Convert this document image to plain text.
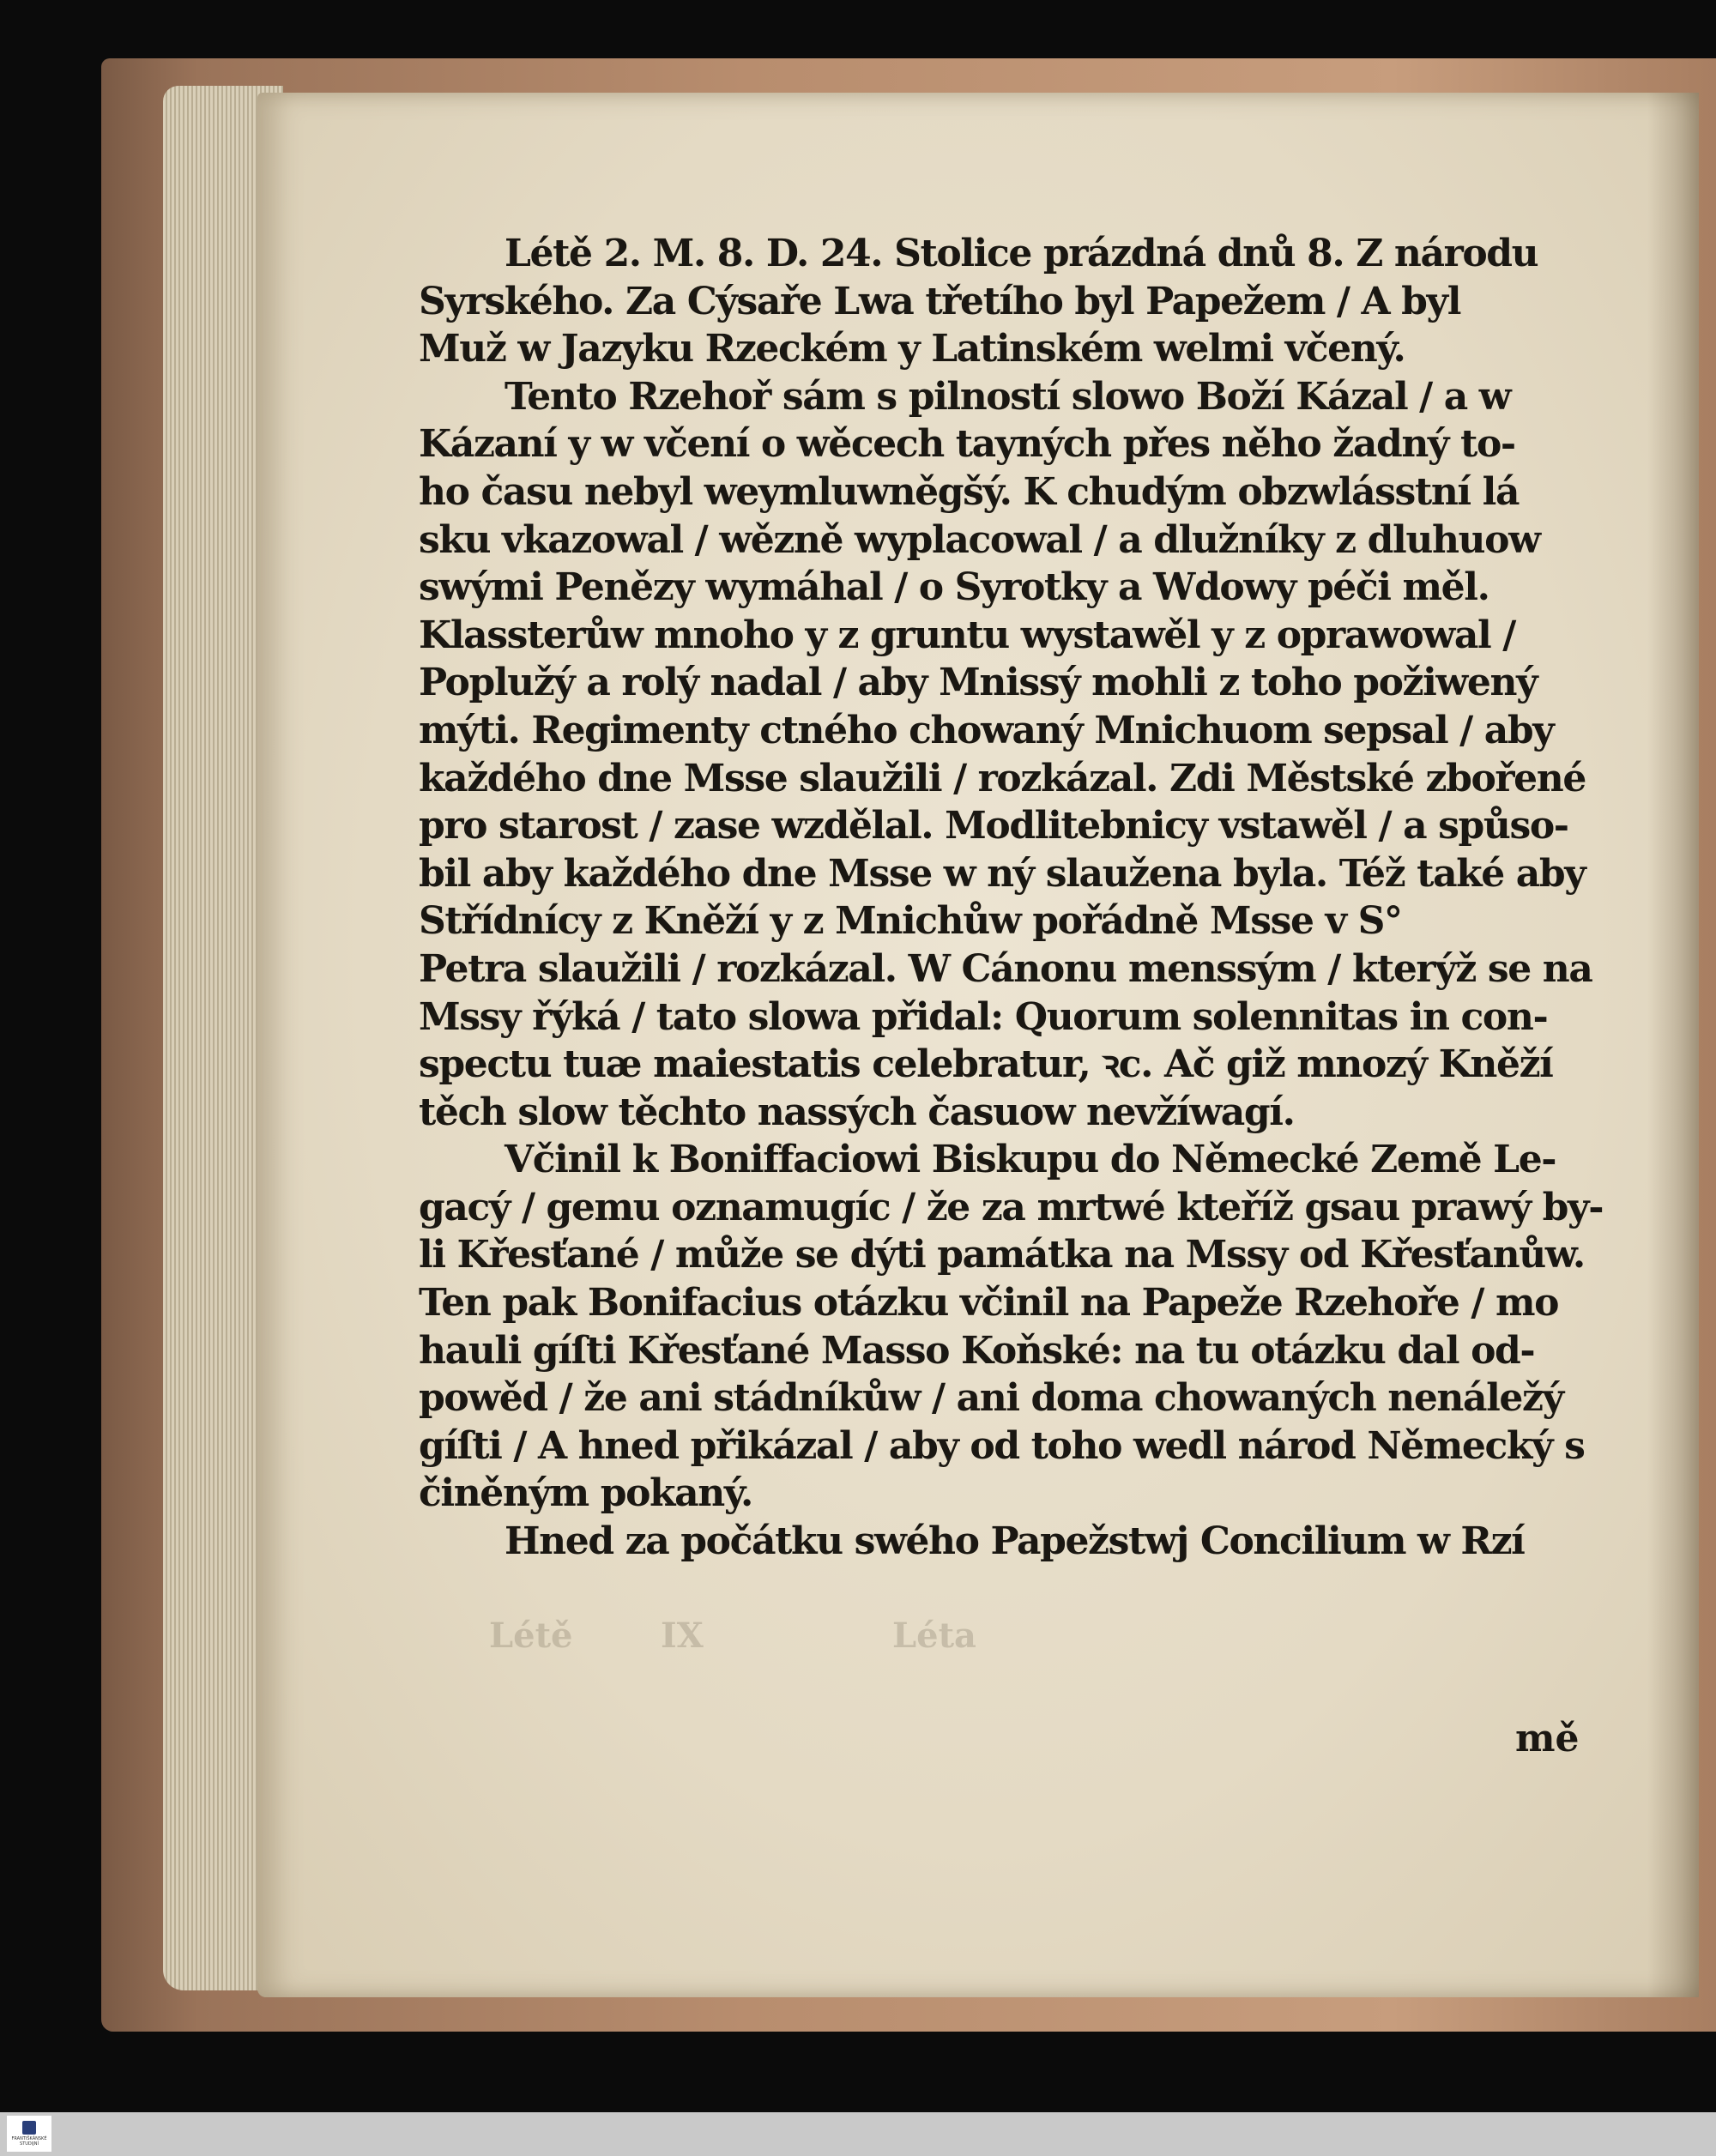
Léta
IX
Létě
Létě 2. M. 8. D. 24. Stolice prázdná dnů 8. Z národu
Syrského. Za Cýsaře Lwa třetího byl Papežem / A byl
Muž w Jazyku Rzeckém y Latinském welmi včený.
Tento Rzehoř sám s pilností slowo Boží Kázal / a w
Kázaní y w včení o wěcech tayných přes něho žadný to-
ho času nebyl weymluwněgšý. K chudým obzwlásstní lá
sku vkazowal / wězně wyplacowal / a dlužníky z dluhuow
swými Penězy wymáhal / o Syrotky a Wdowy péči měl.
Klassterůw mnoho y z gruntu wystawěl y z oprawowal /
Poplužý a rolý nadal / aby Mnissý mohli z toho požiwený
mýti. Regimenty ctného chowaný Mnichuom sepsal / aby
každého dne Msse slaužili / rozkázal. Zdi Městské zbořené
pro starost / zase wzdělal. Modlitebnicy vstawěl / a spůso-
bil aby každého dne Msse w ný slaužena byla. Též také aby
Střídnícy z Kněží y z Mnichůw pořádně Msse v S°
Petra slaužili / rozkázal. W Cánonu menssým / kterýž se na
Mssy řýká / tato slowa přidal: Quorum solennitas in con-
spectu tuæ maiestatis celebratur, ꝛc. Ač giž mnozý Kněží
těch slow těchto nassých časuow nevžíwagí.
Včinil k Boniffaciowi Biskupu do Německé Země Le-
gacý / gemu oznamugíc / že za mrtwé kteříž gsau prawý by-
li Křesťané / může se dýti památka na Mssy od Křesťanůw.
Ten pak Bonifacius otázku včinil na Papeže Rzehoře / mo
hauli gíſti Křesťané Masso Koňské: na tu otázku dal od-
powěd / že ani stádníkůw / ani doma chowaných nenáležý
gíſti / A hned přikázal / aby od toho wedl národ Německý s
činěným pokaný.
Hned za počátku swého Papežstwj Concilium w Rzí
mě
FRANTIŠKÁNSKÉ STUDIJNÍ
